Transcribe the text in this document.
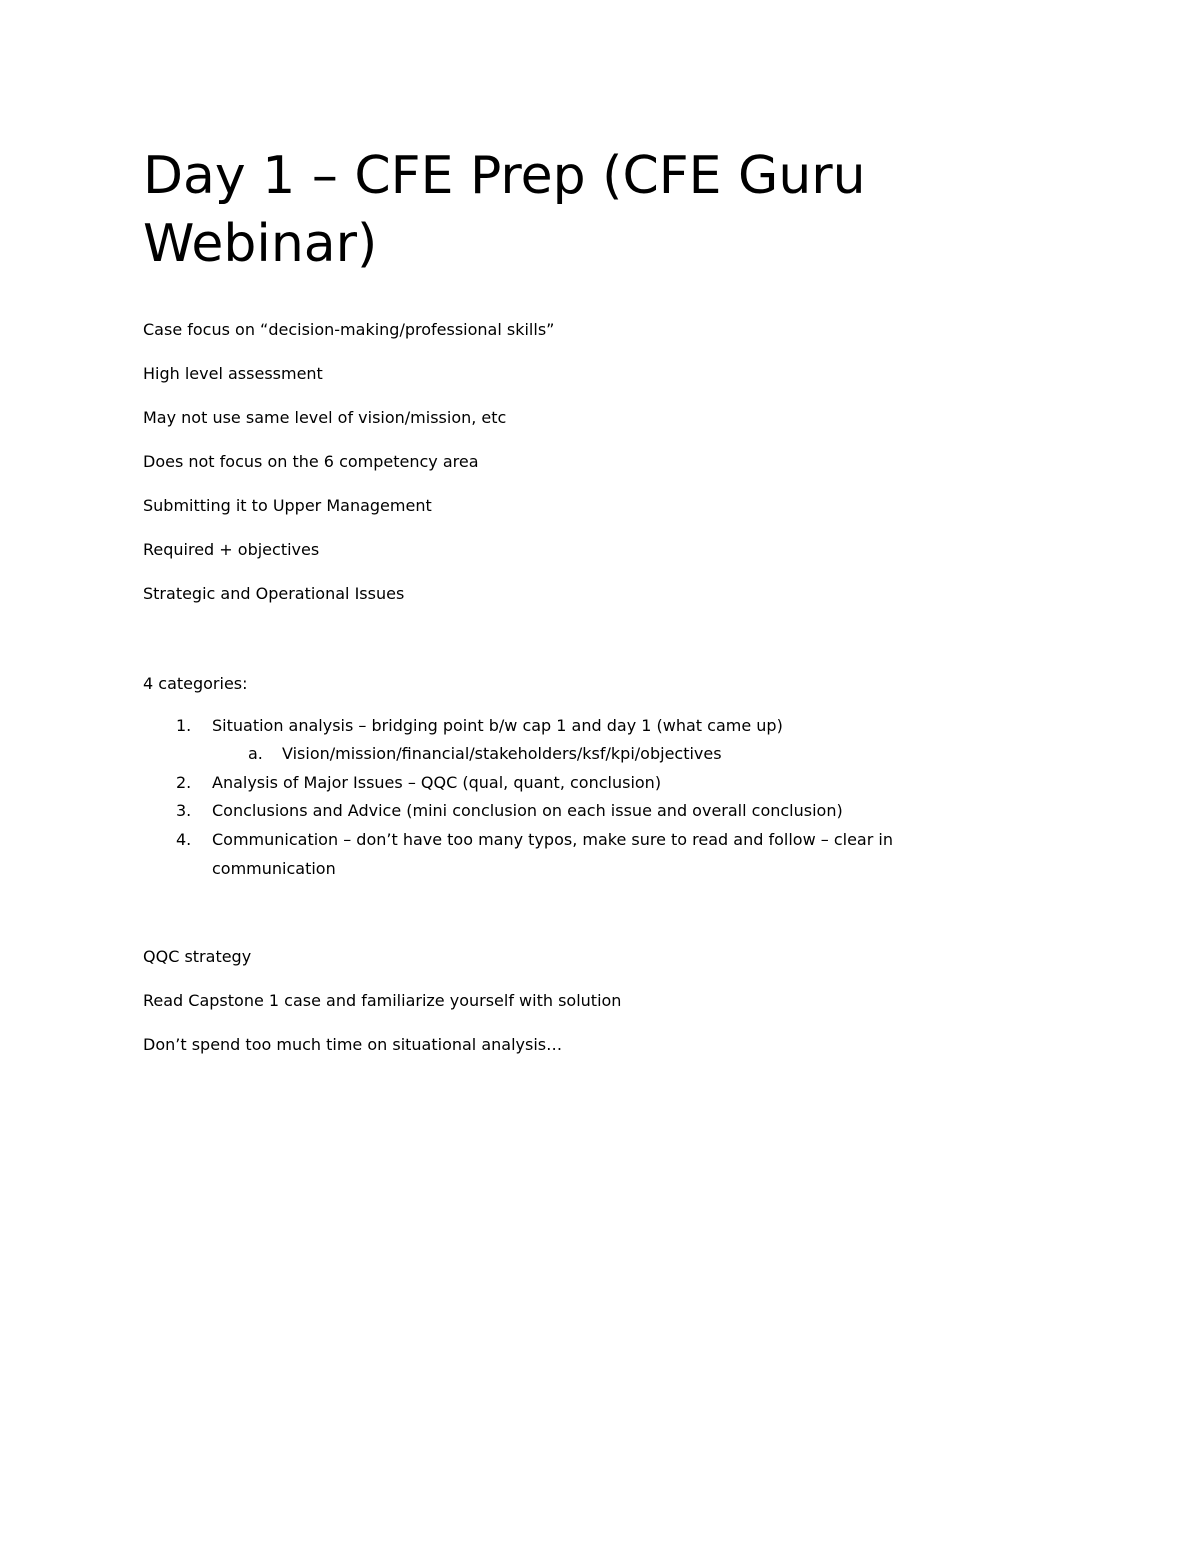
Day 1 – CFE Prep (CFE Guru Webinar)
Case focus on “decision-making/professional skills”
High level assessment
May not use same level of vision/mission, etc
Does not focus on the 6 competency area
Submitting it to Upper Management
Required + objectives
Strategic and Operational Issues
4 categories:
1. Situation analysis – bridging point b/w cap 1 and day 1 (what came up)
a. Vision/mission/financial/stakeholders/ksf/kpi/objectives
2. Analysis of Major Issues – QQC (qual, quant, conclusion)
3. Conclusions and Advice (mini conclusion on each issue and overall conclusion)
4. Communication – don’t have too many typos, make sure to read and follow – clear in communication
QQC strategy
Read Capstone 1 case and familiarize yourself with solution
Don’t spend too much time on situational analysis…
